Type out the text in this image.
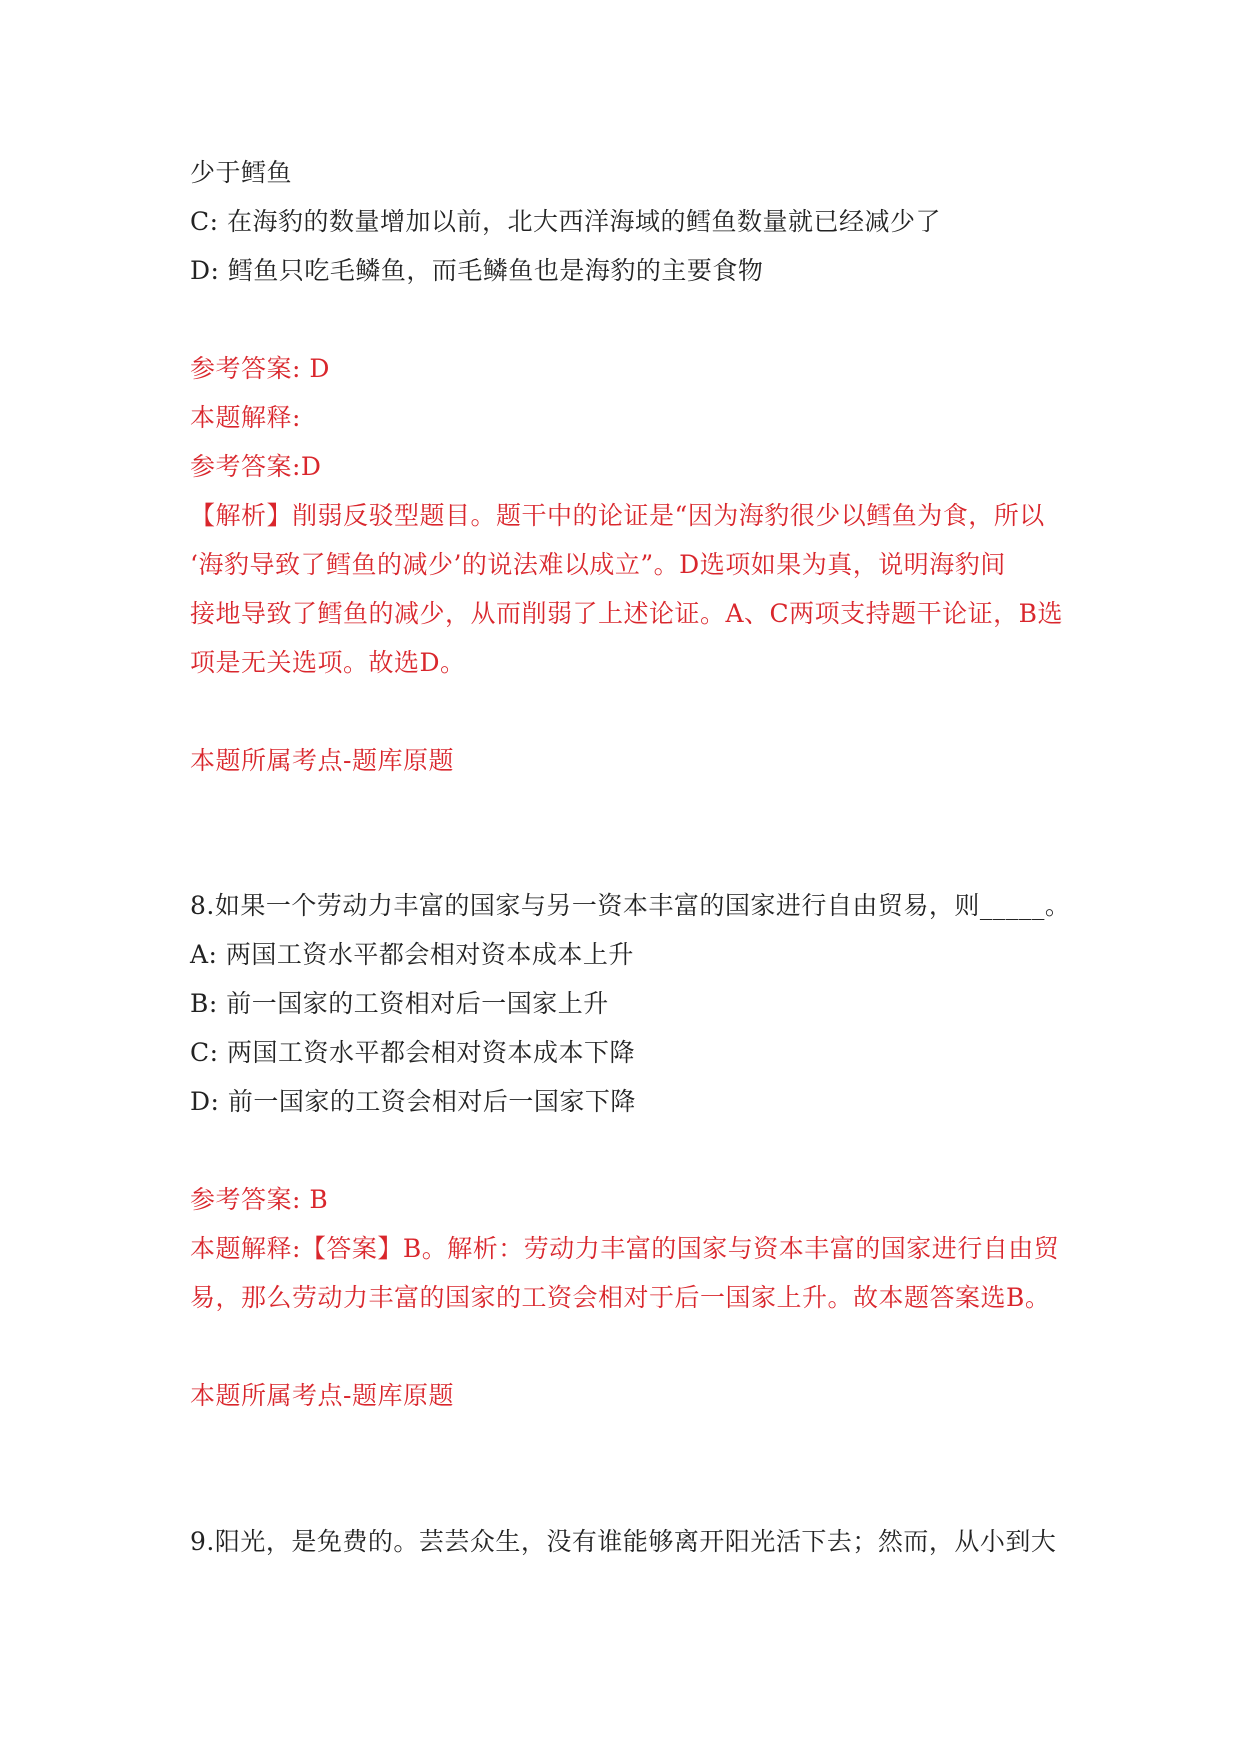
少于鳕鱼
C: 在海豹的数量增加以前，北大西洋海域的鳕鱼数量就已经减少了
D: 鳕鱼只吃毛鳞鱼，而毛鳞鱼也是海豹的主要食物
参考答案: D
本题解释:
参考答案:D
【解析】削弱反驳型题目。题干中的论证是“因为海豹很少以鳕鱼为食，所以
‘海豹导致了鳕鱼的减少’的说法难以成立”。D选项如果为真，说明海豹间
接地导致了鳕鱼的减少，从而削弱了上述论证。A、C两项支持题干论证，B选
项是无关选项。故选D。
本题所属考点-题库原题
8.如果一个劳动力丰富的国家与另一资本丰富的国家进行自由贸易，则_____。
A: 两国工资水平都会相对资本成本上升
B: 前一国家的工资相对后一国家上升
C: 两国工资水平都会相对资本成本下降
D: 前一国家的工资会相对后一国家下降
参考答案: B
本题解释:【答案】B。解析：劳动力丰富的国家与资本丰富的国家进行自由贸
易，那么劳动力丰富的国家的工资会相对于后一国家上升。故本题答案选B。
本题所属考点-题库原题
9.阳光，是免费的。芸芸众生，没有谁能够离开阳光活下去；然而，从小到大
